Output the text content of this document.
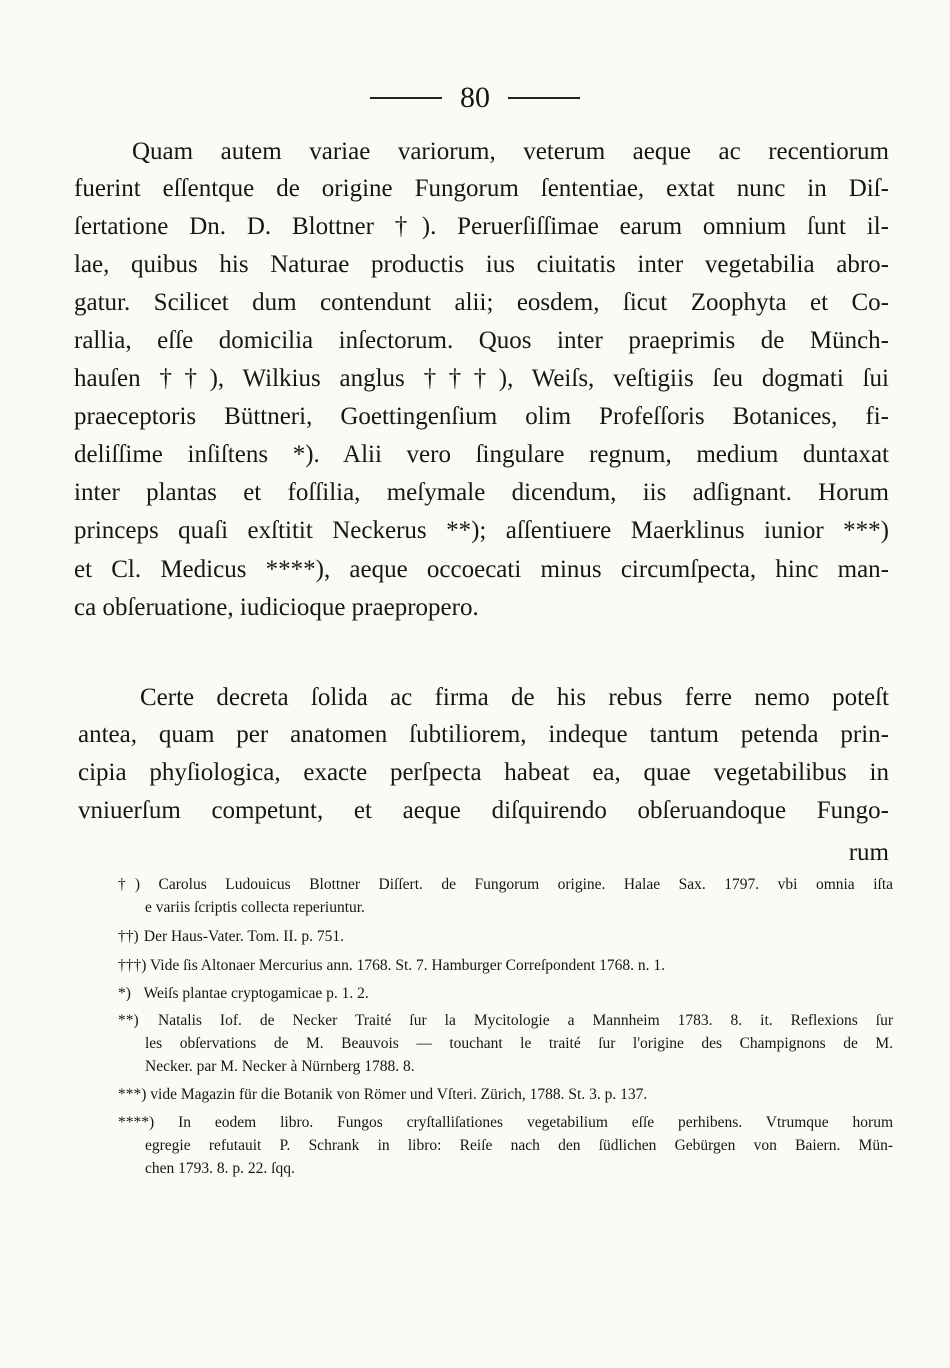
80
Quam autem variae variorum, veterum aeque ac recentiorum
fuerint eſſentque de origine Fungorum ſententiae, extat nunc in Diſ-
ſertatione Dn. D. Blottner †). Peruerſiſſimae earum omnium ſunt il-
lae, quibus his Naturae productis ius ciuitatis inter vegetabilia abro-
gatur. Scilicet dum contendunt alii; eosdem, ſicut Zoophyta et Co-
rallia, eſſe domicilia inſectorum. Quos inter praeprimis de Münch-
hauſen ††), Wilkius anglus †††), Weiſs, veſtigiis ſeu dogmati ſui
praeceptoris Büttneri, Goettingenſium olim Profeſſoris Botanices, fi-
deliſſime inſiſtens *). Alii vero ſingulare regnum, medium duntaxat
inter plantas et foſſilia, meſymale dicendum, iis adſignant. Horum
princeps quaſi exſtitit Neckerus **); aſſentiuere Maerklinus iunior ***)
et Cl. Medicus ****), aeque occoecati minus circumſpecta, hinc man-
ca obſeruatione, iudicioque praepropero.
Certe decreta ſolida ac firma de his rebus ferre nemo poteſt
antea, quam per anatomen ſubtiliorem, indeque tantum petenda prin-
cipia phyſiologica, exacte perſpecta habeat ea, quae vegetabilibus in
vniuerſum competunt, et aeque diſquirendo obſeruandoque Fungo-
rum
†) Carolus Ludouicus Blottner Diſſert. de Fungorum origine. Halae Sax. 1797. vbi omnia iſta
e variis ſcriptis collecta reperiuntur.
††) Der Haus-Vater. Tom. II. p. 751.
†††) Vide ſis Altonaer Mercurius ann. 1768. St. 7. Hamburger Correſpondent 1768. n. 1.
*) Weiſs plantae cryptogamicae p. 1. 2.
**) Natalis Iof. de Necker Traité ſur la Mycitologie a Mannheim 1783. 8. it. Reflexions ſur
les obſervations de M. Beauvois — touchant le traité ſur l'origine des Champignons de M.
Necker. par M. Necker à Nürnberg 1788. 8.
***) vide Magazin für die Botanik von Römer und Vſteri. Zürich, 1788. St. 3. p. 137.
****) In eodem libro. Fungos cryſtalliſationes vegetabilium eſſe perhibens. Vtrumque horum
egregie refutauit P. Schrank in libro: Reiſe nach den ſüdlichen Gebürgen von Baiern. Mün-
chen 1793. 8. p. 22. ſqq.
